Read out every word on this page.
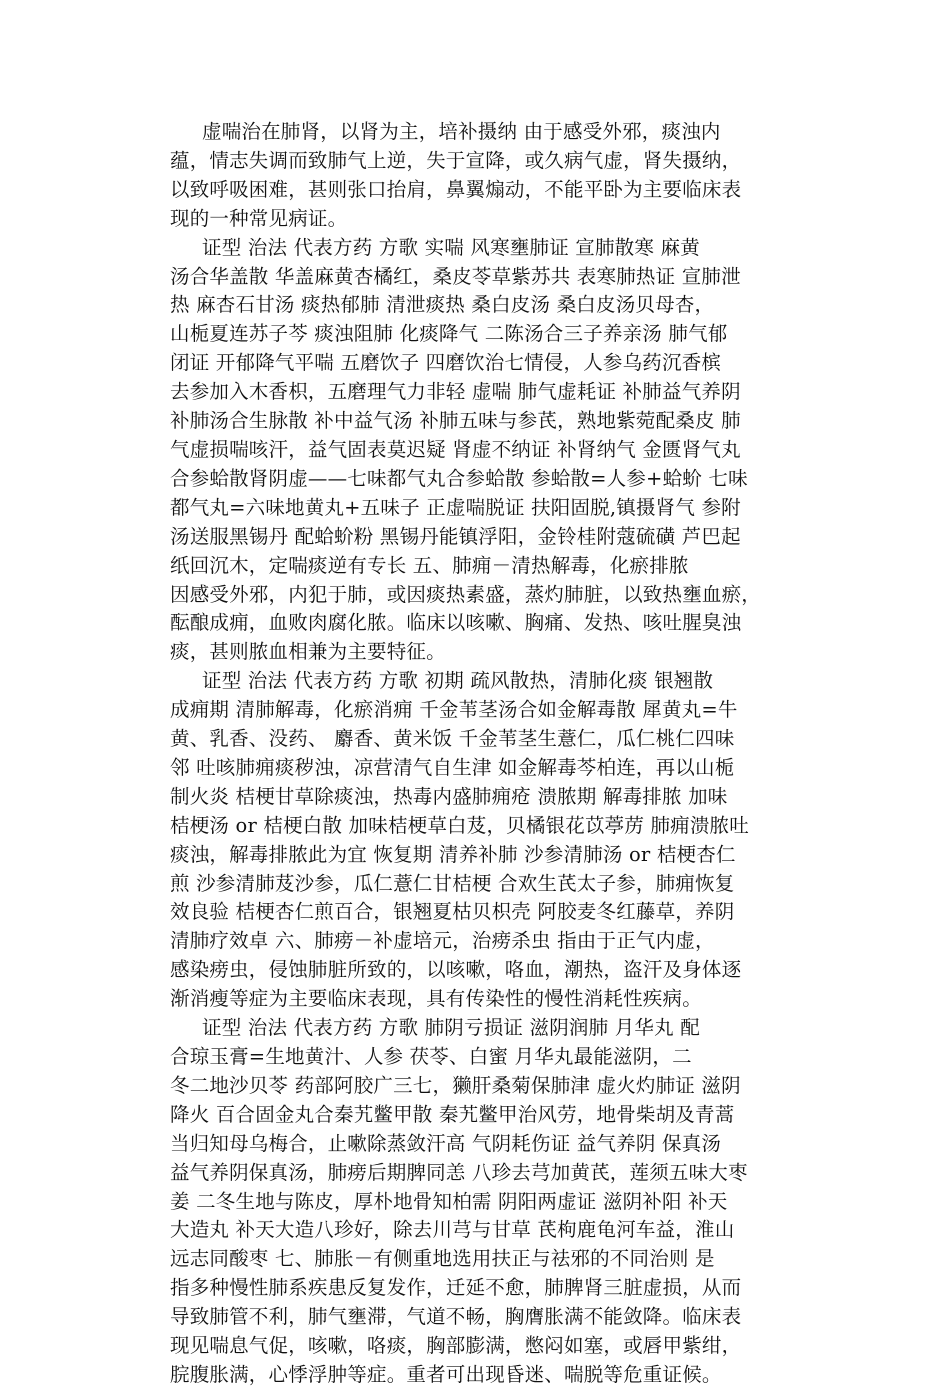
虚喘治在肺肾，以肾为主，培补摄纳 由于感受外邪，痰浊内
蕴，情志失调而致肺气上逆，失于宣降，或久病气虚，肾失摄纳，
以致呼吸困难，甚则张口抬肩，鼻翼煽动，不能平卧为主要临床表
现的一种常见病证。
证型 治法 代表方药 方歌 实喘 风寒壅肺证 宣肺散寒 麻黄
汤合华盖散 华盖麻黄杏橘红，桑皮苓草紫苏共 表寒肺热证 宣肺泄
热 麻杏石甘汤 痰热郁肺 清泄痰热 桑白皮汤 桑白皮汤贝母杏，
山栀夏连苏子芩 痰浊阻肺 化痰降气 二陈汤合三子养亲汤 肺气郁
闭证 开郁降气平喘 五磨饮子 四磨饮治七情侵，人参乌药沉香槟
去参加入木香枳，五磨理气力非轻 虚喘 肺气虚耗证 补肺益气养阴
补肺汤合生脉散 补中益气汤 补肺五味与参芪，熟地紫菀配桑皮 肺
气虚损喘咳汗，益气固表莫迟疑 肾虚不纳证 补肾纳气 金匮肾气丸
合参蛤散肾阴虚——七味都气丸合参蛤散 参蛤散=人参+蛤蚧 七味
都气丸=六味地黄丸+五味子 正虚喘脱证 扶阳固脱,镇摄肾气 参附
汤送服黑锡丹 配蛤蚧粉 黑锡丹能镇浮阳，金铃桂附蔻硫磺 芦巴起
纸回沉木，定喘痰逆有专长 五、肺痈－清热解毒，化瘀排脓
因感受外邪，内犯于肺，或因痰热素盛，蒸灼肺脏，以致热壅血瘀，
酝酿成痈，血败肉腐化脓。临床以咳嗽、胸痛、发热、咳吐腥臭浊
痰，甚则脓血相兼为主要特征。
证型 治法 代表方药 方歌 初期 疏风散热，清肺化痰 银翘散
成痈期 清肺解毒，化瘀消痈 千金苇茎汤合如金解毒散 犀黄丸=牛
黄、乳香、没药、 麝香、黄米饭 千金苇茎生薏仁，瓜仁桃仁四味
邻 吐咳肺痈痰秽浊，凉营清气自生津 如金解毒芩柏连，再以山栀
制火炎 桔梗甘草除痰浊，热毒内盛肺痈疮 溃脓期 解毒排脓 加味
桔梗汤 or 桔梗白散 加味桔梗草白芨，贝橘银花苡葶苈 肺痈溃脓吐
痰浊，解毒排脓此为宜 恢复期 清养补肺 沙参清肺汤 or 桔梗杏仁
煎 沙参清肺芨沙参，瓜仁薏仁甘桔梗 合欢生芪太子参，肺痈恢复
效良验 桔梗杏仁煎百合，银翘夏枯贝枳壳 阿胶麦冬红藤草，养阴
清肺疗效卓 六、肺痨－补虚培元，治痨杀虫 指由于正气内虚，
感染痨虫，侵蚀肺脏所致的，以咳嗽，咯血，潮热，盗汗及身体逐
渐消瘦等症为主要临床表现，具有传染性的慢性消耗性疾病。
证型 治法 代表方药 方歌 肺阴亏损证 滋阴润肺 月华丸 配
合琼玉膏=生地黄汁、人参 茯苓、白蜜 月华丸最能滋阴，二
冬二地沙贝苓 药部阿胶广三七，獭肝桑菊保肺津 虚火灼肺证 滋阴
降火 百合固金丸合秦艽鳖甲散 秦艽鳖甲治风劳，地骨柴胡及青蒿
当归知母乌梅合，止嗽除蒸敛汗高 气阴耗伤证 益气养阴 保真汤
益气养阴保真汤，肺痨后期脾同恙 八珍去芎加黄芪，莲须五味大枣
姜 二冬生地与陈皮，厚朴地骨知柏需 阴阳两虚证 滋阴补阳 补天
大造丸 补天大造八珍好，除去川芎与甘草 芪枸鹿龟河车益，淮山
远志同酸枣 七、肺胀－有侧重地选用扶正与祛邪的不同治则 是
指多种慢性肺系疾患反复发作，迁延不愈，肺脾肾三脏虚损，从而
导致肺管不利，肺气壅滞，气道不畅，胸膺胀满不能敛降。临床表
现见喘息气促，咳嗽，咯痰，胸部膨满，憋闷如塞，或唇甲紫绀，
脘腹胀满，心悸浮肿等症。重者可出现昏迷、喘脱等危重证候。
